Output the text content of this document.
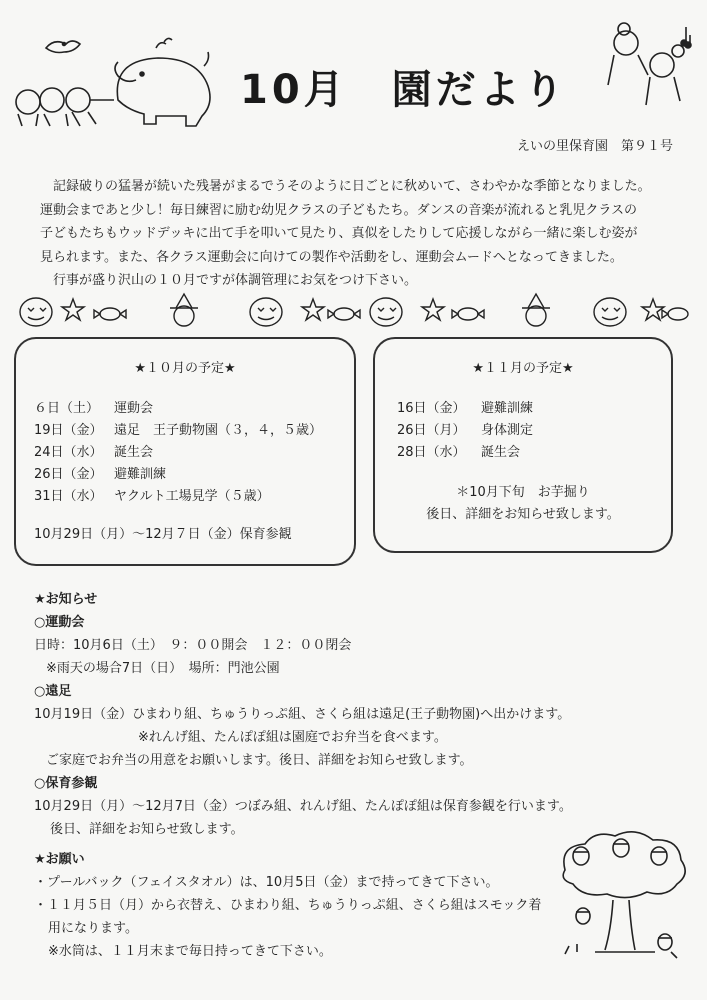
10月　園だより
えいの里保育園　第９１号

　記録破りの猛暑が続いた残暑がまるでうそのように日ごとに秋めいて、さわやかな季節となりました。

運動会まであと少し！毎日練習に励む幼児クラスの子どもたち。ダンスの音楽が流れると乳児クラスの

子どもたちもウッドデッキに出て手を叩いて見たり、真似をしたりして応援しながら一緒に楽しむ姿が

見られます。また、各クラス運動会に向けての製作や活動をし、運動会ムードへとなってきました。

　行事が盛り沢山の１０月ですが体調管理にお気をつけ下さい。

★１０月の予定★
６日（土） 運動会
19日（金） 遠足　王子動物園（３，４，５歳）
24日（水） 誕生会
26日（金） 避難訓練
31日（水） ヤクルト工場見学（５歳）
10月29日（月）～12月７日（金）保育参観
★１１月の予定★
16日（金） 避難訓練
26日（月） 身体測定
28日（水） 誕生会
＊10月下旬　お芋掘り
後日、詳細をお知らせ致します。
★お知らせ
○運動会
日時：10月6日（土）　９：００開会　１２：００閉会
※雨天の場合7日（日）　場所：門池公園
○遠足
10月19日（金）ひまわり組、ちゅうりっぷ組、さくら組は遠足(王子動物園)へ出かけます。
※れんげ組、たんぽぽ組は園庭でお弁当を食べます。
ご家庭でお弁当の用意をお願いします。後日、詳細をお知らせ致します。
○保育参観
10月29日（月）～12月7日（金）つぼみ組、れんげ組、たんぽぽ組は保育参観を行います。
後日、詳細をお知らせ致します。
★お願い
・プールバック（フェイスタオル）は、10月5日（金）まで持ってきて下さい。
・１１月５日（月）から衣替え、ひまわり組、ちゅうりっぷ組、さくら組はスモック着用になります。
※水筒は、１１月末まで毎日持ってきて下さい。
